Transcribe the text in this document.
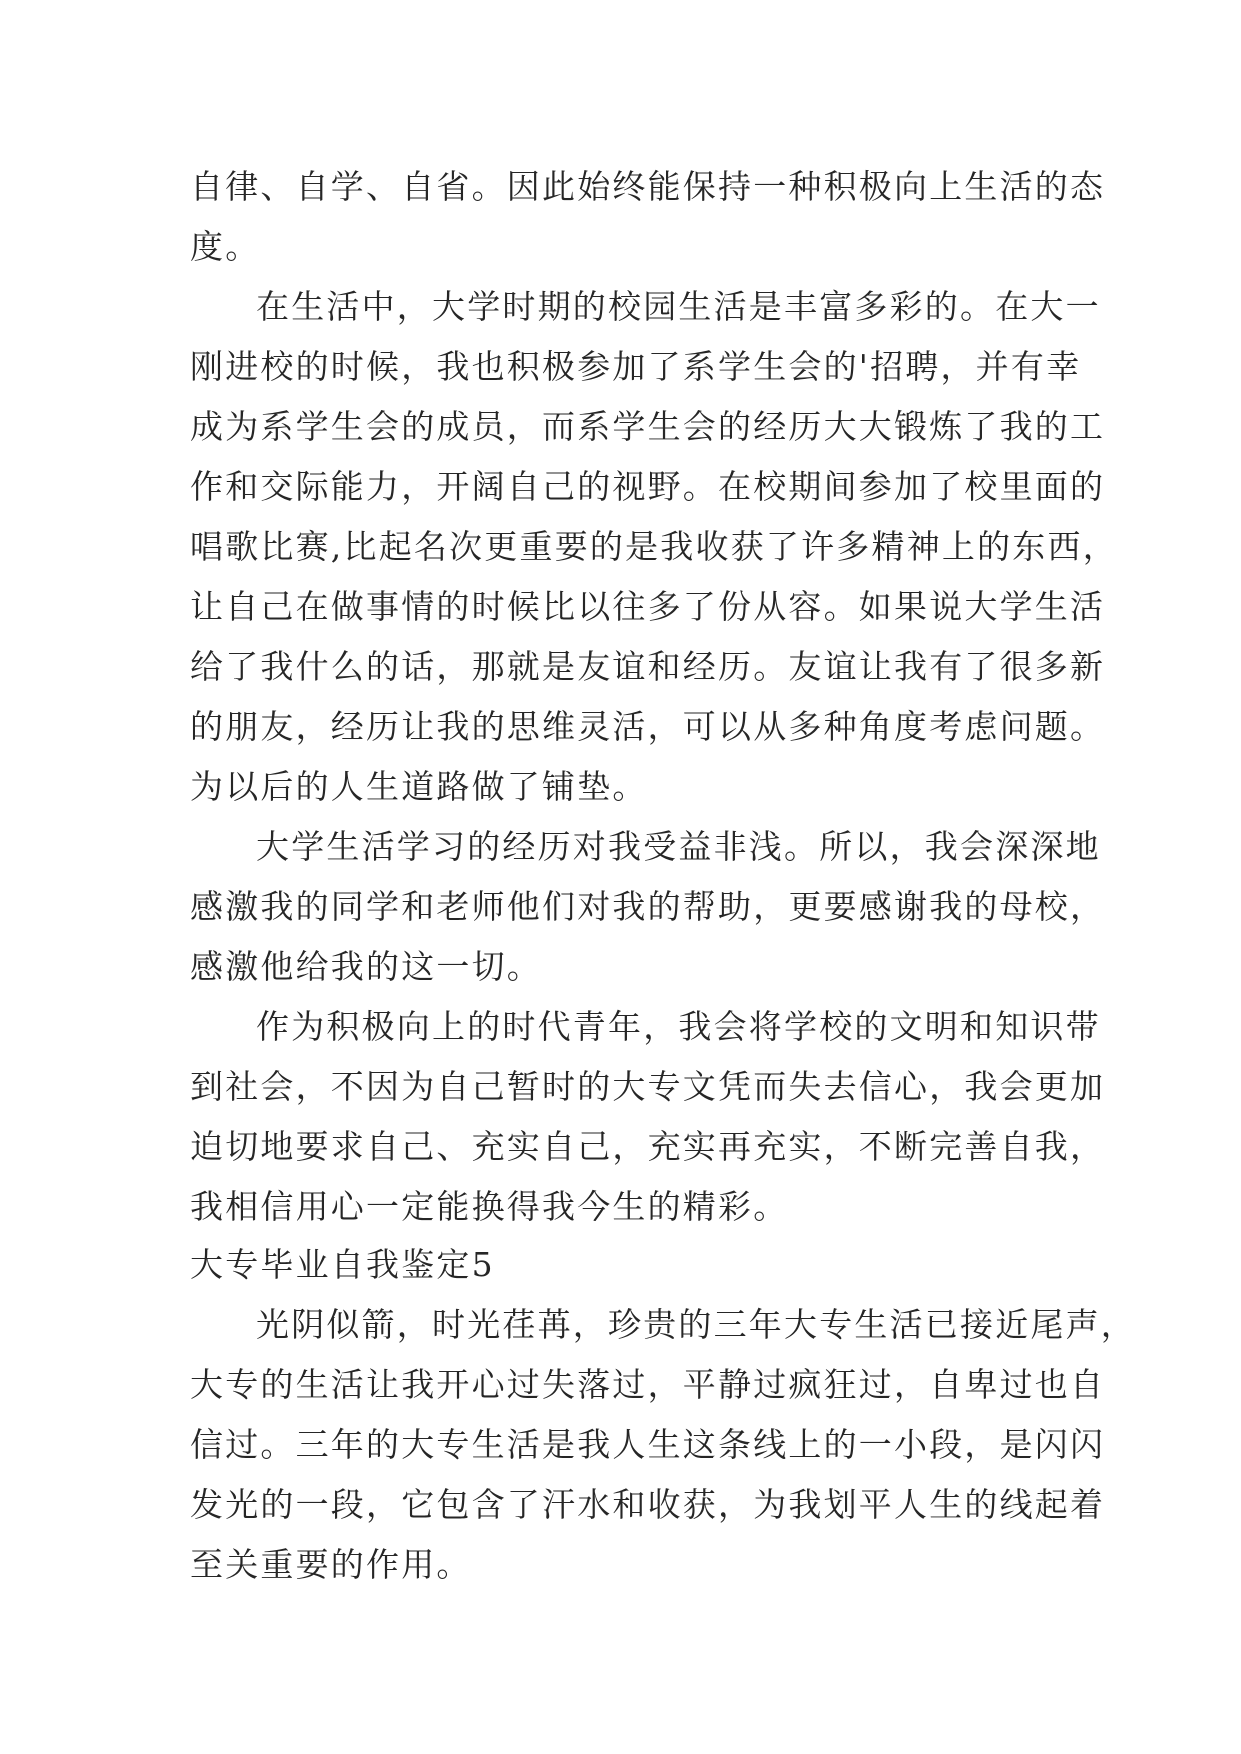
自律、自学、自省。因此始终能保持一种积极向上生活的态
度。
在生活中，大学时期的校园生活是丰富多彩的。在大一
刚进校的时候，我也积极参加了系学生会的'招聘，并有幸
成为系学生会的成员，而系学生会的经历大大锻炼了我的工
作和交际能力，开阔自己的视野。在校期间参加了校里面的
唱歌比赛,比起名次更重要的是我收获了许多精神上的东西，
让自己在做事情的时候比以往多了份从容。如果说大学生活
给了我什么的话，那就是友谊和经历。友谊让我有了很多新
的朋友，经历让我的思维灵活，可以从多种角度考虑问题。
为以后的人生道路做了铺垫。
大学生活学习的经历对我受益非浅。所以，我会深深地
感激我的同学和老师他们对我的帮助，更要感谢我的母校，
感激他给我的这一切。
作为积极向上的时代青年，我会将学校的文明和知识带
到社会，不因为自己暂时的大专文凭而失去信心，我会更加
迫切地要求自己、充实自己，充实再充实，不断完善自我，
我相信用心一定能换得我今生的精彩。
大专毕业自我鉴定5
光阴似箭，时光荏苒，珍贵的三年大专生活已接近尾声，
大专的生活让我开心过失落过，平静过疯狂过，自卑过也自
信过。三年的大专生活是我人生这条线上的一小段，是闪闪
发光的一段，它包含了汗水和收获，为我划平人生的线起着
至关重要的作用。
